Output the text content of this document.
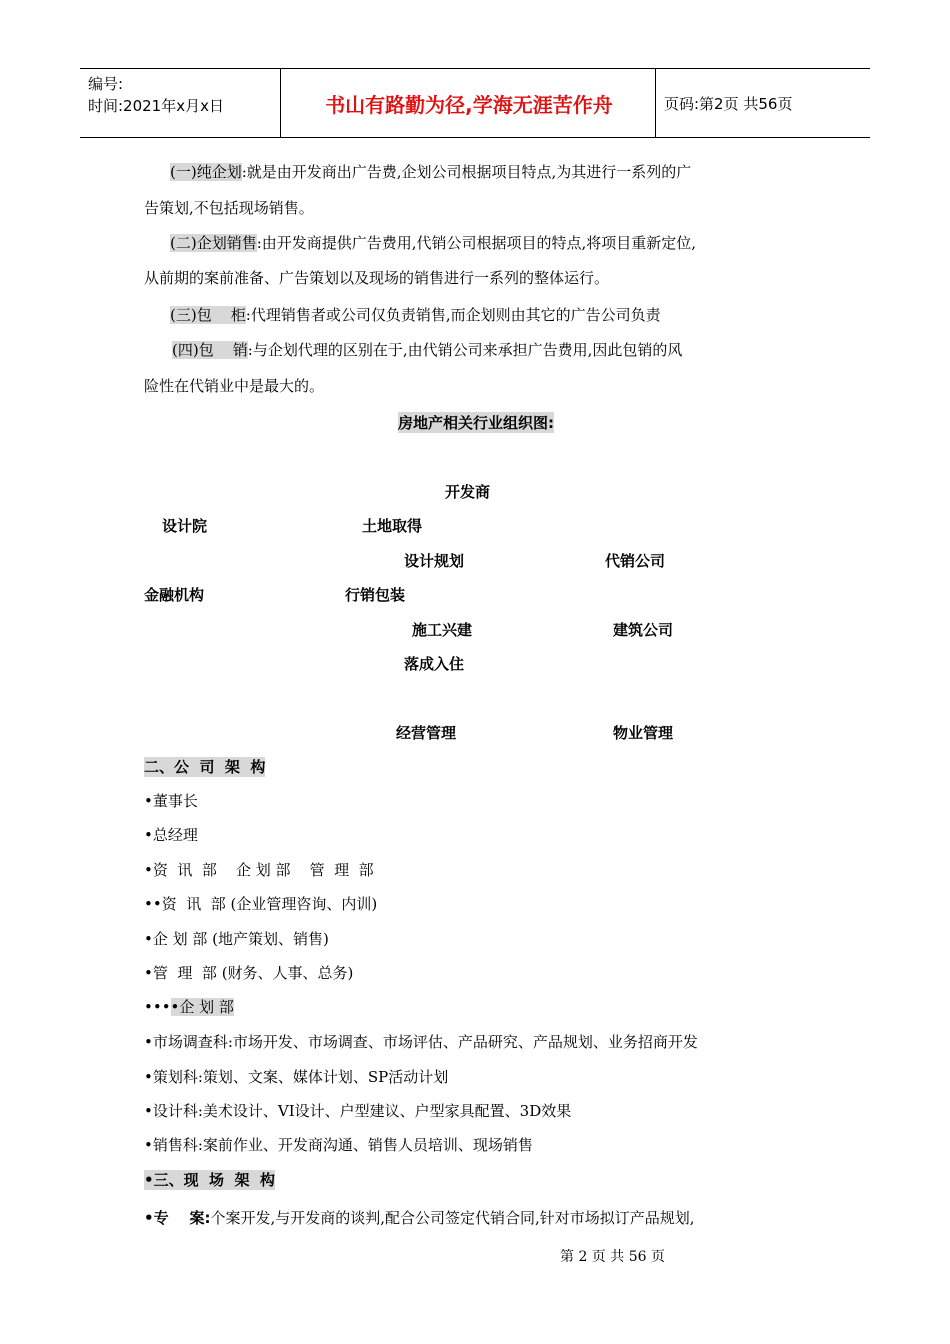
编号:
时间:2021年x月x日	书山有路勤为径,学海无涯苦作舟	页码:第2页 共56页
(一)纯企划:就是由开发商出广告费,企划公司根据项目特点,为其进行一系列的广
告策划,不包括现场销售。
(二)企划销售:由开发商提供广告费用,代销公司根据项目的特点,将项目重新定位,
从前期的案前准备、广告策划以及现场的销售进行一系列的整体运行。
(三)包    柜:代理销售者或公司仅负责销售,而企划则由其它的广告公司负责
(四)包    销:与企划代理的区别在于,由代销公司来承担广告费用,因此包销的风
险性在代销业中是最大的。
房地产相关行业组织图:
开发商
设计院	土地取得
设计规划	代销公司
金融机构	行销包装
施工兴建	建筑公司
落成入住
经营管理	物业管理
二、公  司  架  构
•董事长
•总经理
•资  讯  部    企 划 部    管  理  部
••资  讯  部 (企业管理咨询、内训)
•企 划 部 (地产策划、销售)
•管  理  部 (财务、人事、总务)
••••企 划 部
•市场调查科:市场开发、市场调查、市场评估、产品研究、产品规划、业务招商开发
•策划科:策划、文案、媒体计划、SP活动计划
•设计科:美术设计、VI设计、户型建议、户型家具配置、3D效果
•销售科:案前作业、开发商沟通、销售人员培训、现场销售
•三、现  场  架  构
•专    案:个案开发,与开发商的谈判,配合公司签定代销合同,针对市场拟订产品规划,
第 2 页 共 56 页
